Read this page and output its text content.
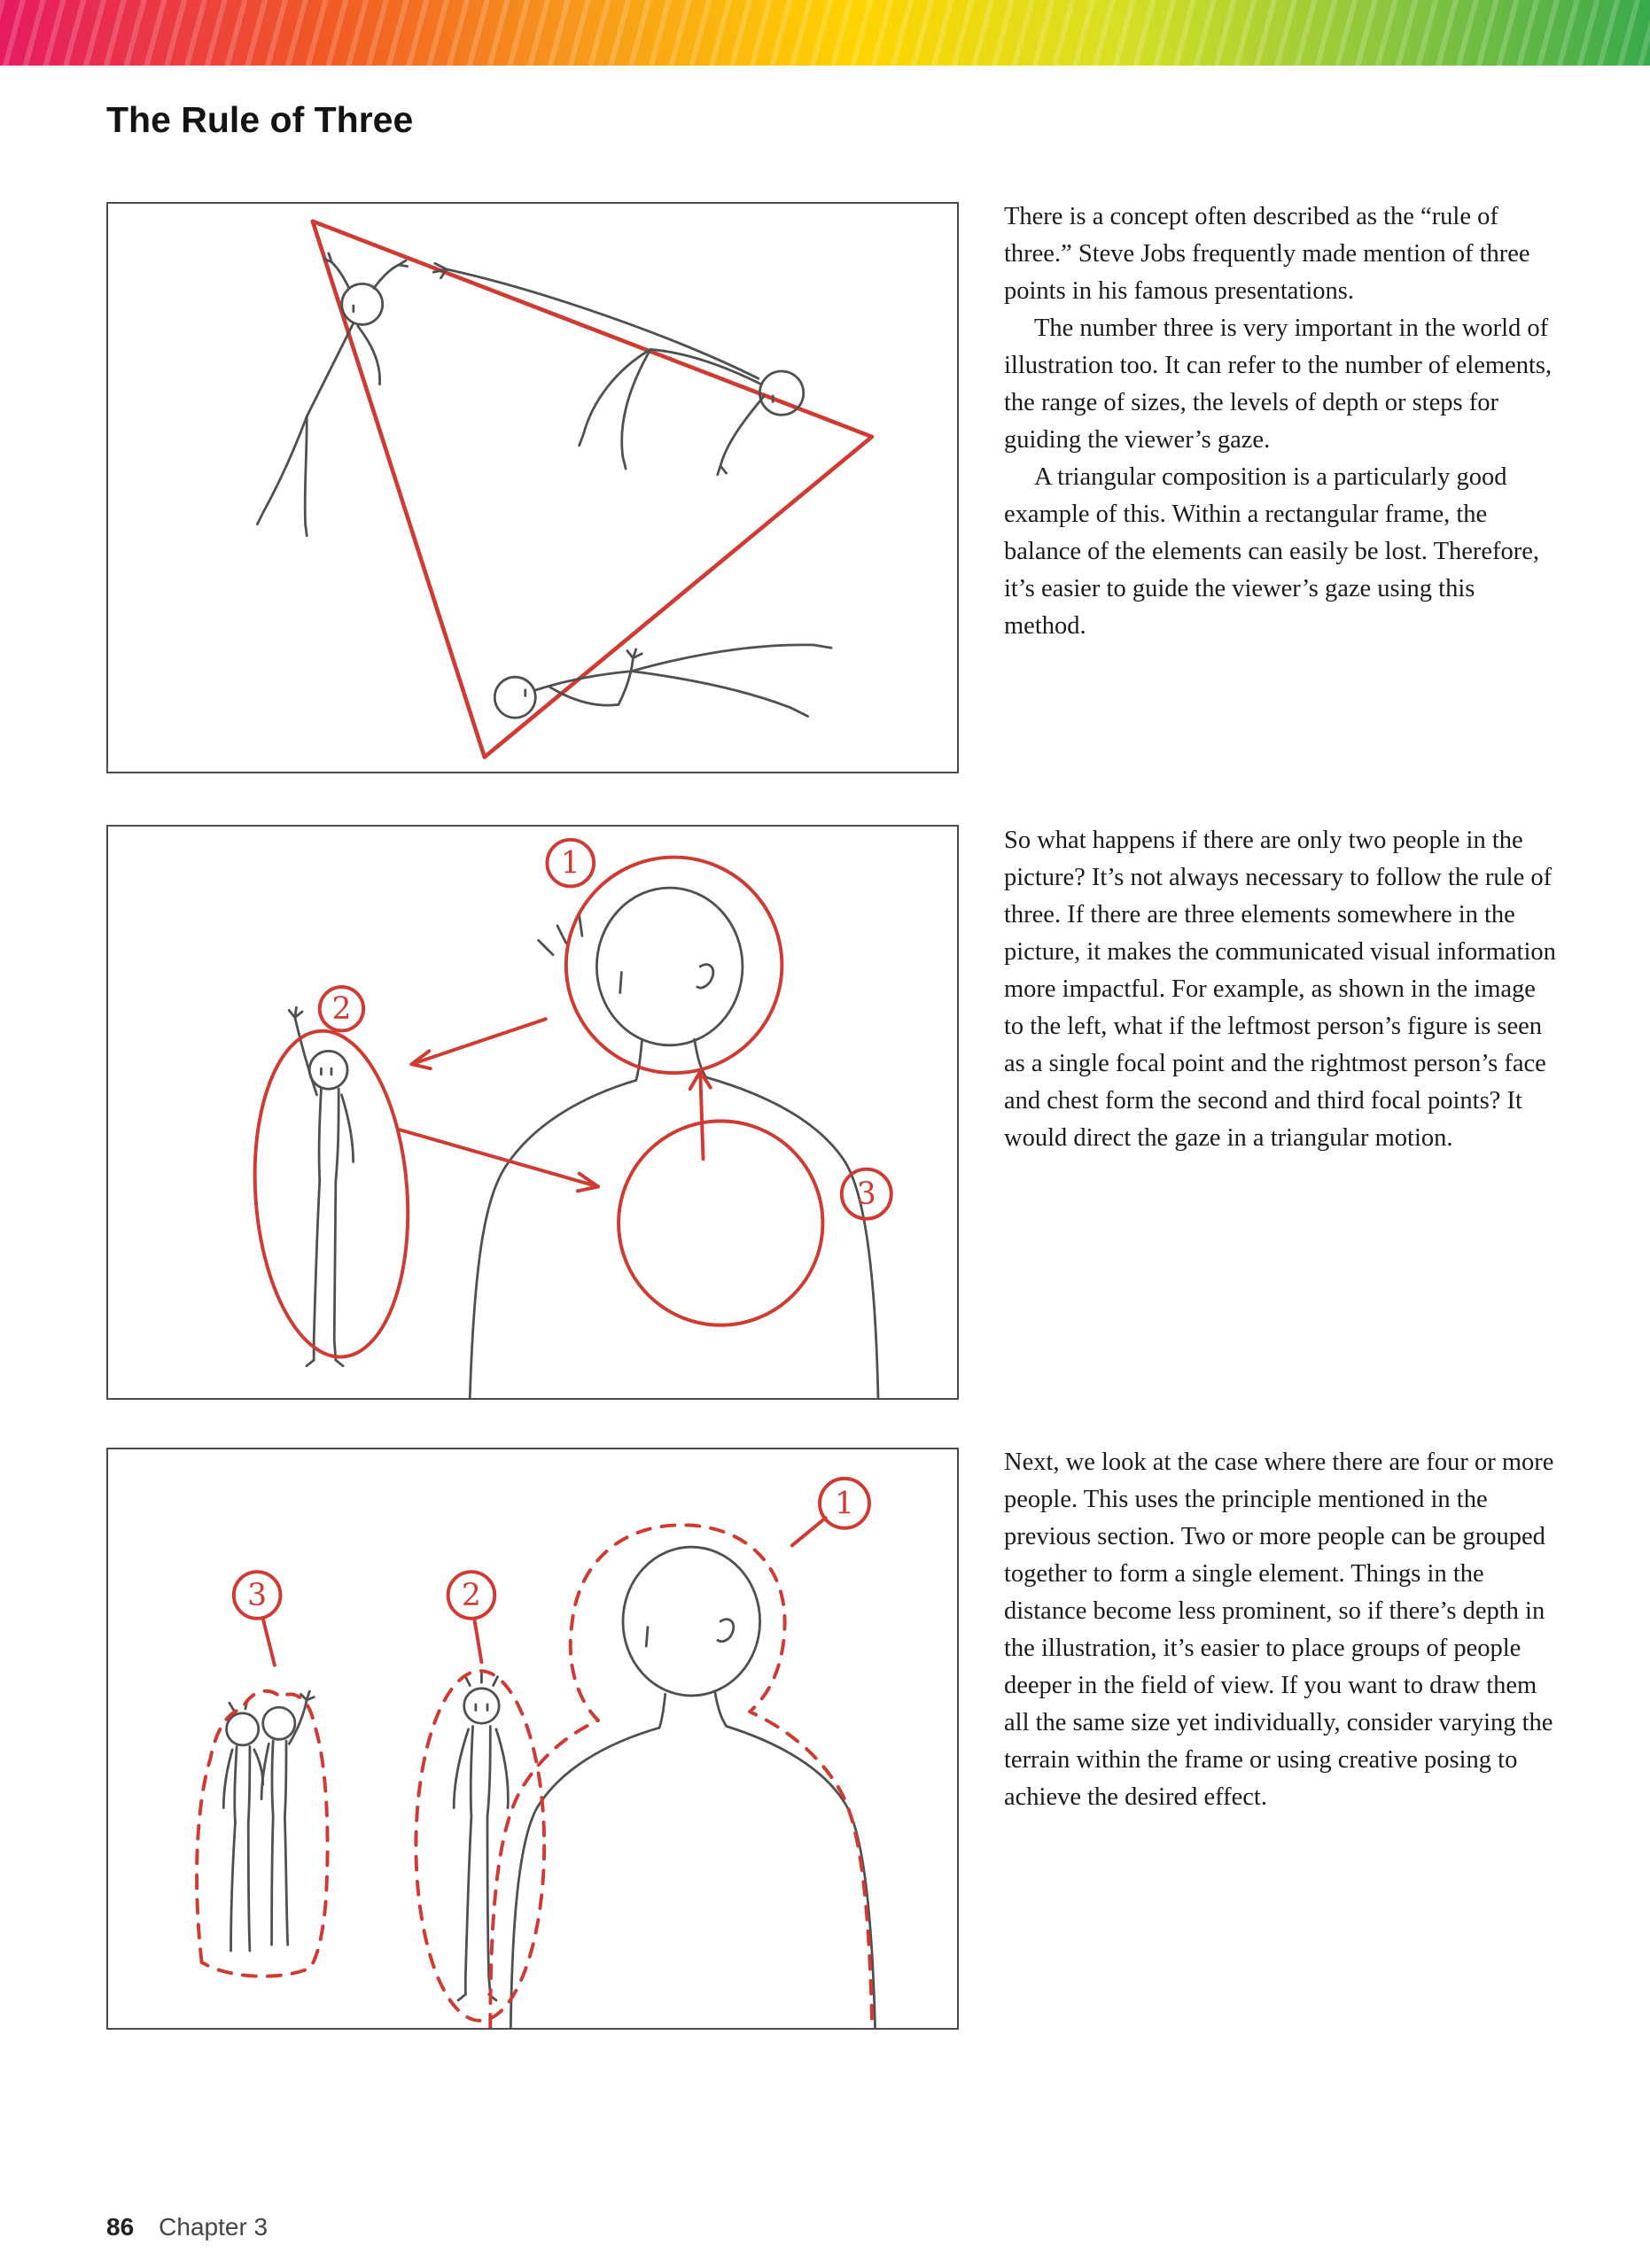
The Rule of Three
1
2
3
1
2
3

There is a concept often described as the “rule of three.” Steve Jobs frequently made mention of three points in his famous presentations.

The number three is very important in the world of illustration too. It can refer to the number of elements, the range of sizes, the levels of depth or steps for guiding the viewer’s gaze.

A triangular composition is a particularly good example of this. Within a rectangular frame, the balance of the elements can easily be lost. Therefore, it’s easier to guide the viewer’s gaze using this method.

So what happens if there are only two people in the picture? It’s not always necessary to follow the rule of three. If there are three elements somewhere in the picture, it makes the communicated visual information more impactful. For example, as shown in the image to the left, what if the leftmost person’s figure is seen as a single focal point and the rightmost person’s face and chest form the second and third focal points? It would direct the gaze in a triangular motion.

Next, we look at the case where there are four or more people. This uses the principle mentioned in the previous section. Two or more people can be grouped together to form a single element. Things in the distance become less prominent, so if there’s depth in the illustration, it’s easier to place groups of people deeper in the field of view. If you want to draw them all the same size yet individually, consider varying the terrain within the frame or using creative posing to achieve the desired effect.

86 Chapter 3
